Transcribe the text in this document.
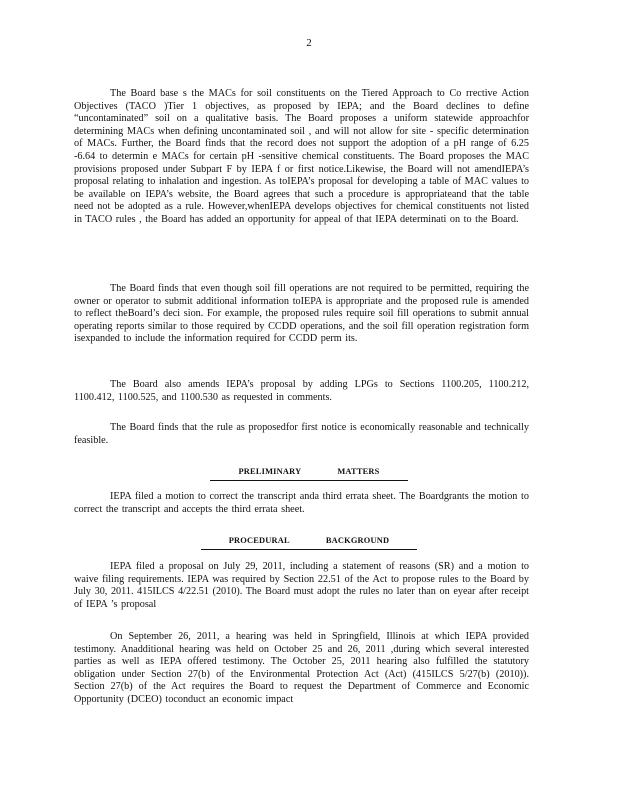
2

The Board base s the MACs for soil constituents on the Tiered Approach to Co rrective Action Objectives (TACO )Tier 1 objectives, as proposed by IEPA; and the Board declines to define “uncontaminated” soil on a qualitative basis. The Board proposes a uniform statewide approachfor determining MACs when defining uncontaminated soil , and will not allow for site - specific determination of MACs. Further, the Board finds that the record does not support the adoption of a pH range of 6.25 -6.64 to determin e MACs for certain pH -sensitive chemical constituents. The Board proposes the MAC provisions proposed under Subpart F by IEPA f or first notice.Likewise, the Board will not amendIEPA’s proposal relating to inhalation and ingestion. As toIEPA’s proposal for developing a table of MAC values to be available on IEPA’s website, the Board agrees that such a procedure is appropriateand that the table need not be adopted as a rule. However,whenIEPA develops objectives for chemical constituents not listed in TACO rules , the Board has added an opportunity for appeal of that IEPA determinati on to the Board.

The Board finds that even though soil fill operations are not required to be permitted, requiring the owner or operator to submit additional information toIEPA is appropriate and the proposed rule is amended to reflect theBoard’s deci sion. For example, the proposed rules require soil fill operations to submit annual operating reports similar to those required by CCDD operations, and the soil fill operation registration form isexpanded to include the information required for CCDD perm its.

The Board also amends IEPA’s proposal by adding LPGs to Sections 1100.205, 1100.212, 1100.412, 1100.525, and 1100.530 as requested in comments.

The Board finds that the rule as proposedfor first notice is economically reasonable and technically feasible.

PRELIMINARY	MATTERS

IEPA filed a motion to correct the transcript anda third errata sheet. The Boardgrants the motion to correct the transcript and accepts the third errata sheet.

PROCEDURAL	BACKGROUND

IEPA filed a proposal on July 29, 2011, including a statement of reasons (SR) and a motion to waive filing requirements. IEPA was required by Section 22.51 of the Act to propose rules to the Board by July 30, 2011. 415ILCS 4/22.51 (2010). The Board must adopt the rules no later than on eyear after receipt of IEPA ’s proposal

On September 26, 2011, a hearing was held in Springfield, Illinois at which IEPA provided testimony. Anadditional hearing was held on October 25 and 26, 2011 ,during which several interested parties as well as IEPA offered testimony. The October 25, 2011 hearing also fulfilled the statutory obligation under Section 27(b) of the Environmental Protection Act (Act) (415ILCS 5/27(b) (2010)). Section 27(b) of the Act requires the Board to request the Department of Commerce and Economic Opportunity (DCEO) toconduct an economic impact
